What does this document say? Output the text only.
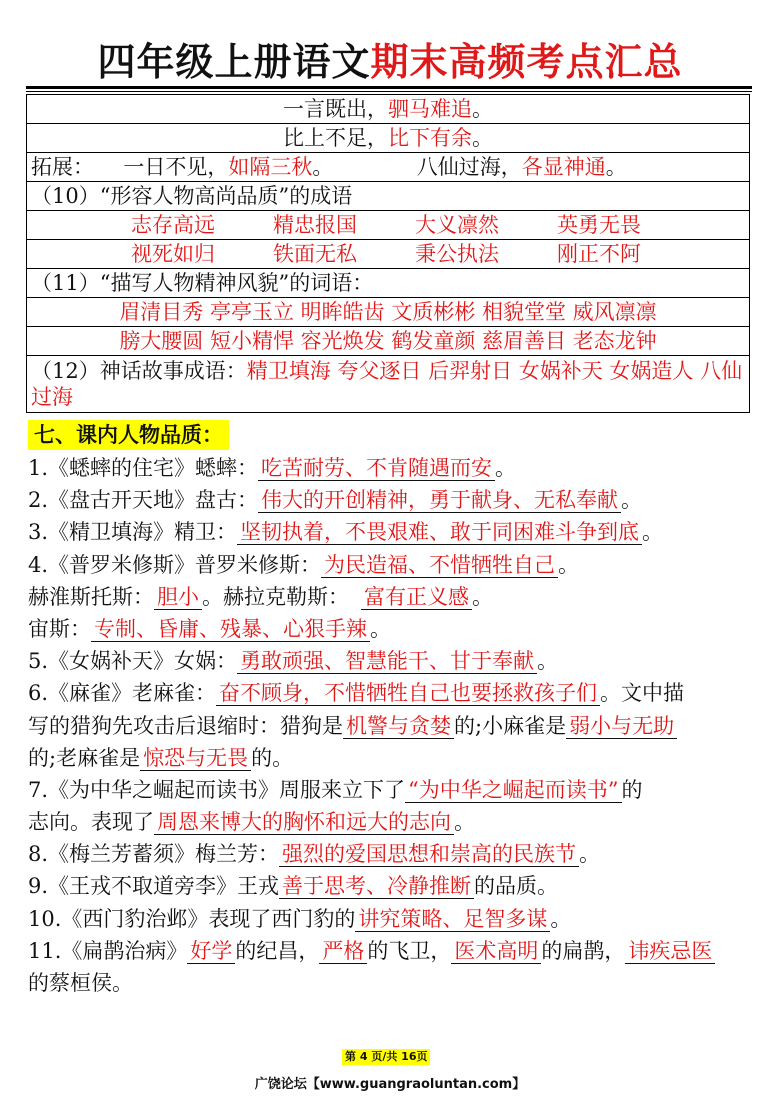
四年级上册语文期末高频考点汇总
一言既出，驷马难追。
比上不足，比下有余。
拓展： 一日不见，如隔三秋。	八仙过海，各显神通。
（10）“形容人物高尚品质”的成语
志存高远	精忠报国	大义凛然	英勇无畏
视死如归	铁面无私	秉公执法	刚正不阿
（11）“描写人物精神风貌”的词语：
眉清目秀 亭亭玉立 明眸皓齿 文质彬彬 相貌堂堂 威风凛凛
膀大腰圆 短小精悍 容光焕发 鹤发童颜 慈眉善目 老态龙钟
（12）神话故事成语：精卫填海 夸父逐日 后羿射日 女娲补天 女娲造人 八仙过海
七、课内人物品质：
1.《蟋蟀的住宅》蟋蟀： 吃苦耐劳、不肯随遇而安 。
2.《盘古开天地》盘古： 伟大的开创精神，勇于献身、无私奉献 。
3.《精卫填海》精卫： 坚韧执着，不畏艰难、敢于同困难斗争到底 。
4.《普罗米修斯》普罗米修斯： 为民造福、不惜牺牲自己 。
赫淮斯托斯： 胆小 。赫拉克勒斯： 富有正义感 。
宙斯： 专制、昏庸、残暴、心狠手辣 。
5.《女娲补天》女娲： 勇敢顽强、智慧能干、甘于奉献 。
6.《麻雀》老麻雀： 奋不顾身，不惜牺牲自己也要拯救孩子们 。文中描
写的猎狗先攻击后退缩时：猎狗是 机警与贪婪 的;小麻雀是 弱小与无助
的;老麻雀是 惊恐与无畏 的。
7.《为中华之崛起而读书》周服来立下了 “为中华之崛起而读书” 的
志向。表现了 周恩来博大的胸怀和远大的志向 。
8.《梅兰芳蓄须》梅兰芳： 强烈的爱国思想和崇高的民族节 。
9.《王戎不取道旁李》王戎 善于思考、冷静推断 的品质。
10.《西门豹治邺》表现了西门豹的 讲究策略、足智多谋 。
11.《扁鹊治病》 好学 的纪昌， 严格 的飞卫， 医术高明 的扁鹊， 讳疾忌医
的蔡桓侯。
第 4 页/共 16页
广饶论坛【www.guangraoluntan.com】
